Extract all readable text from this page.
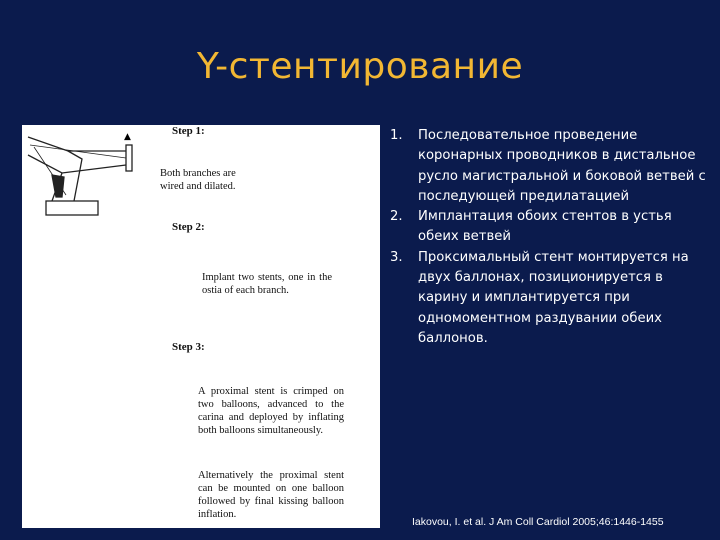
Y-стентирование
▲	Step 1:
Both branches are wired and dilated.
Step 2:
Implant two stents, one in the ostia of each branch.
Step 3:
A proximal stent is crimped on two balloons, advanced to the carina and deployed by inflating both balloons simultaneously.
Alternatively the proximal stent can be mounted on one balloon followed by final kissing balloon inflation.
1. Последовательное проведение коронарных проводников в дистальное русло магистральной и боковой ветвей с последующей предилатацией
2. Имплантация обоих стентов в устья обеих ветвей
3. Проксимальный стент монтируется на двух баллонах, позиционируется в карину и имплантируется при одномоментном раздувании обеих баллонов.
Iakovou, I. et al. J Am Coll Cardiol 2005;46:1446-1455
